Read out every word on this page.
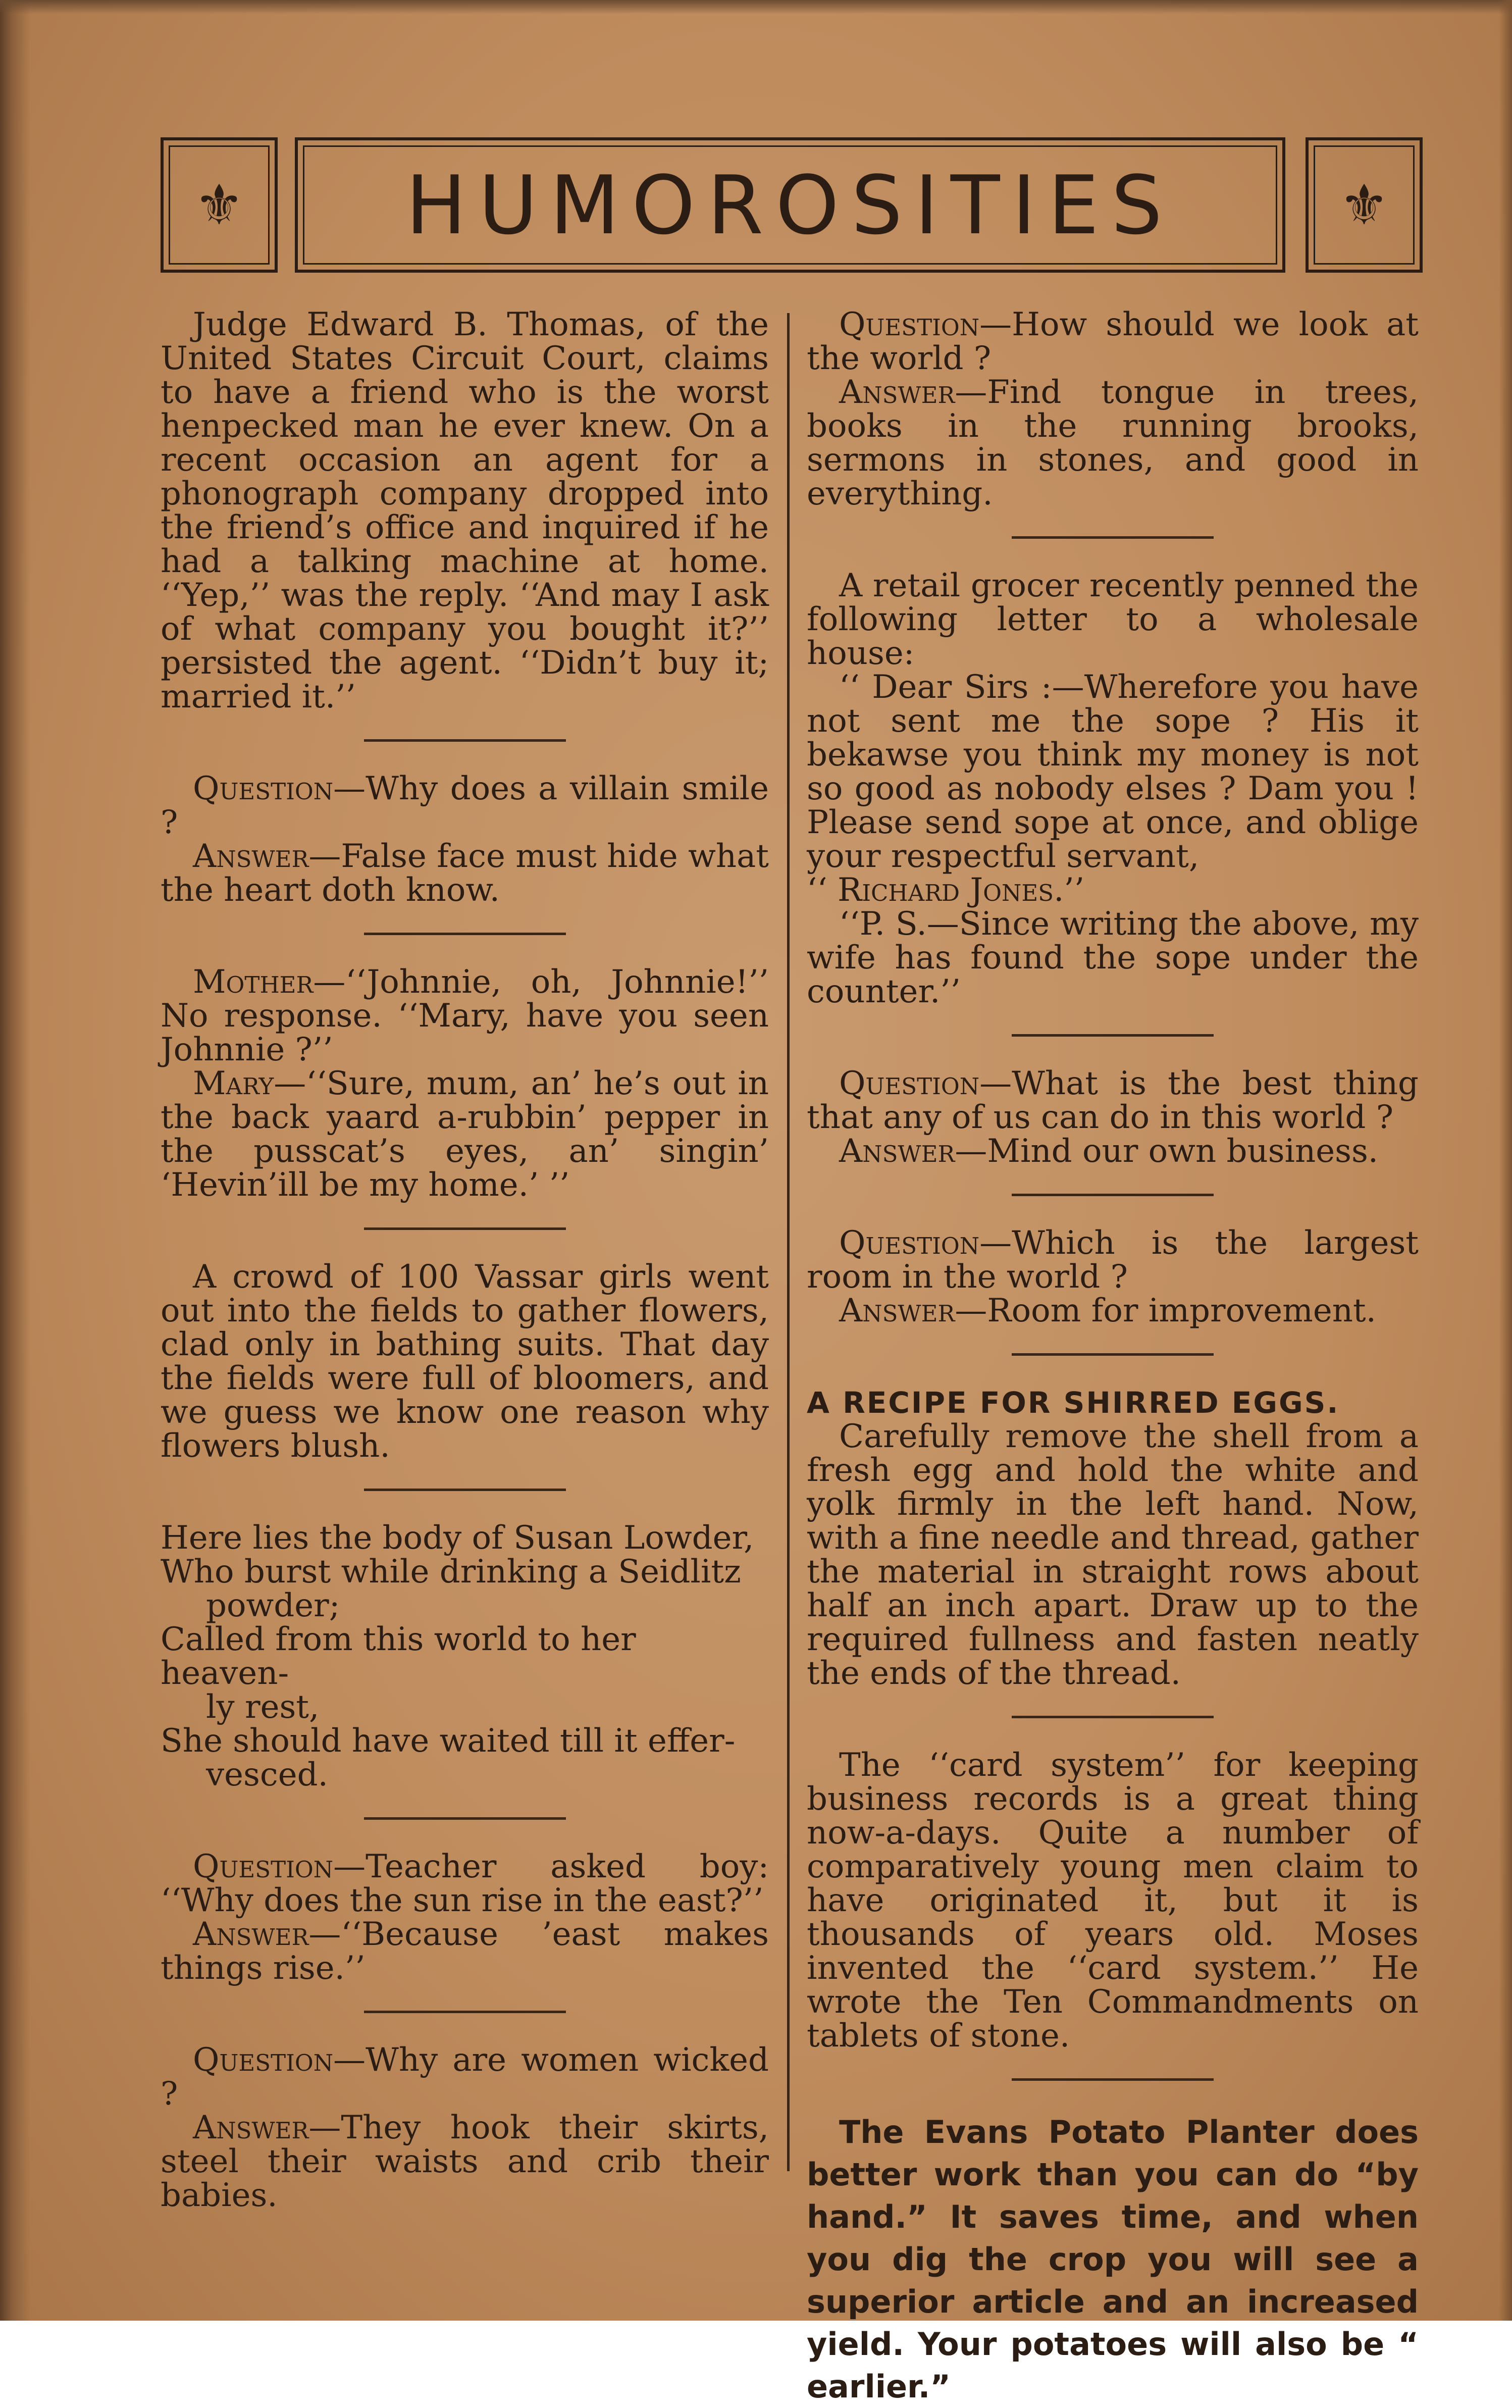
⚜ HUMOROSITIES	⚜

Judge Edward B. Thomas, of the United States Circuit Court, claims to have a friend who is the worst henpecked man he ever knew. On a recent occasion an agent for a phonograph company dropped into the friend’s office and inquired if he had a talking machine at home. ‘‘Yep,’’ was the reply. ‘‘And may I ask of what company you bought it?’’ persisted the agent. ‘‘Didn’t buy it; married it.’’

Question—Why does a villain smile ?

Answer—False face must hide what the heart doth know.

Mother—‘‘Johnnie, oh, Johnnie!’’ No response. ‘‘Mary, have you seen Johnnie ?’’

Mary—‘‘Sure, mum, an’ he’s out in the back yaard a-rubbin’ pepper in the pusscat’s eyes, an’ singin’ ‘Hevin’ill be my home.’ ’’

A crowd of 100 Vassar girls went out into the fields to gather flowers, clad only in bathing suits. That day the fields were full of bloomers, and we guess we know one reason why flowers blush.

Here lies the body of Susan Lowder,
Who burst while drinking a Seidlitz
powder;
Called from this world to her heaven-
ly rest,
She should have waited till it effer-
vesced.

Question—Teacher asked boy: ‘‘Why does the sun rise in the east?’’

Answer—‘‘Because ’east makes things rise.’’

Question—Why are women wicked ?

Answer—They hook their skirts, steel their waists and crib their babies.

Question—How should we look at the world ?

Answer—Find tongue in trees, books in the running brooks, sermons in stones, and good in everything.

A retail grocer recently penned the following letter to a wholesale house:

‘‘ Dear Sirs :—Wherefore you have not sent me the sope ? His it bekawse you think my money is not so good as nobody elses ? Dam you ! Please send sope at once, and oblige your respectful servant,

‘‘ Richard Jones.’’

‘‘P. S.—Since writing the above, my wife has found the sope under the counter.’’

Question—What is the best thing that any of us can do in this world ?

Answer—Mind our own business.

Question—Which is the largest room in the world ?

Answer—Room for improvement.

A RECIPE FOR SHIRRED EGGS.

Carefully remove the shell from a fresh egg and hold the white and yolk firmly in the left hand. Now, with a fine needle and thread, gather the material in straight rows about half an inch apart. Draw up to the required fullness and fasten neatly the ends of the thread.

The ‘‘card system’’ for keeping business records is a great thing now-a-days. Quite a number of comparatively young men claim to have originated it, but it is thousands of years old. Moses invented the ‘‘card system.’’ He wrote the Ten Commandments on tablets of stone.

The Evans Potato Planter does better work than you can do “by hand.” It saves time, and when you dig the crop you will see a superior article and an increased yield. Your potatoes will also be “ earlier.”
